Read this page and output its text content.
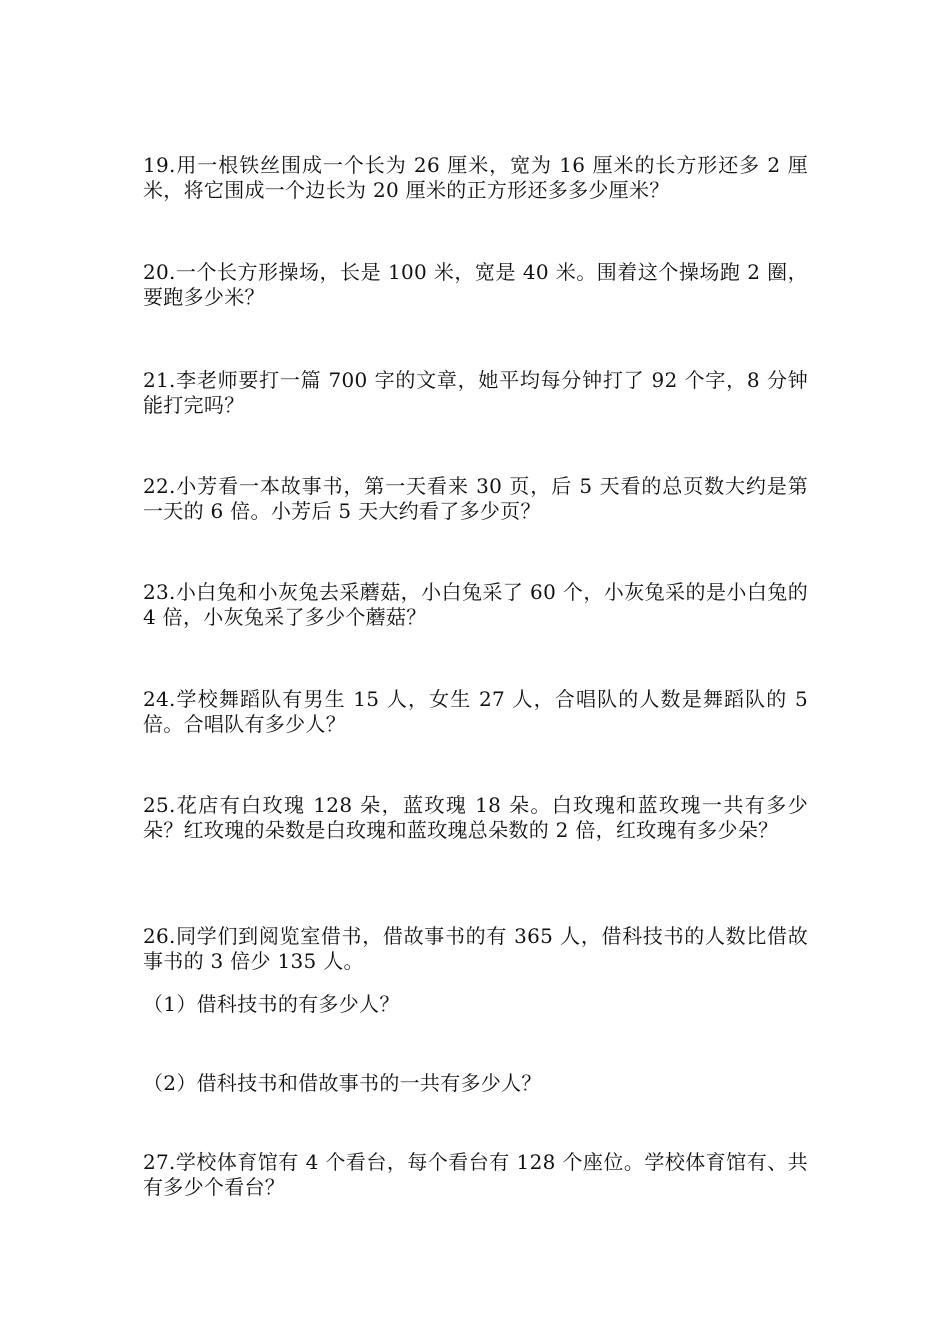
19.用一根铁丝围成一个长为 26 厘米，宽为 16 厘米的长方形还多 2 厘米，将它围成一个边长为 20 厘米的正方形还多多少厘米？
20.一个长方形操场，长是 100 米，宽是 40 米。围着这个操场跑 2 圈，要跑多少米？
21.李老师要打一篇 700 字的文章，她平均每分钟打了 92 个字，8 分钟能打完吗？
22.小芳看一本故事书，第一天看来 30 页，后 5 天看的总页数大约是第一天的 6 倍。小芳后 5 天大约看了多少页？
23.小白兔和小灰兔去采蘑菇，小白兔采了 60 个，小灰兔采的是小白兔的 4 倍，小灰兔采了多少个蘑菇？
24.学校舞蹈队有男生 15 人，女生 27 人，合唱队的人数是舞蹈队的 5 倍。合唱队有多少人？
25.花店有白玫瑰 128 朵，蓝玫瑰 18 朵。白玫瑰和蓝玫瑰一共有多少朵？红玫瑰的朵数是白玫瑰和蓝玫瑰总朵数的 2 倍，红玫瑰有多少朵？
26.同学们到阅览室借书，借故事书的有 365 人，借科技书的人数比借故事书的 3 倍少 135 人。
（1）借科技书的有多少人？
（2）借科技书和借故事书的一共有多少人？
27.学校体育馆有 4 个看台，每个看台有 128 个座位。学校体育馆有、共有多少个看台？
